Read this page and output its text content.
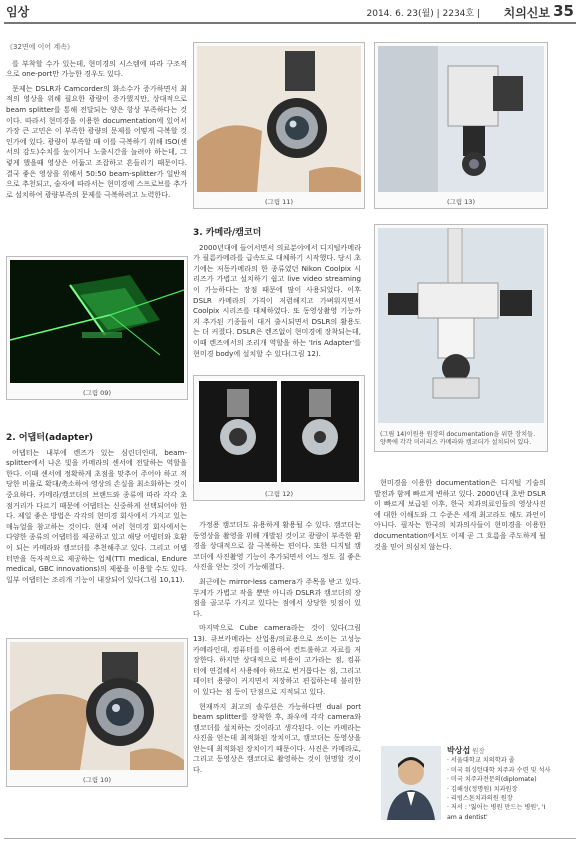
임상	2014. 6. 23(월) | 2234호 | 치의신보 35
《32면에 이어 계속》

를 부착할 수가 있는데, 현미경의 시스템에 따라 구조적으로 one-port만 가능한 경우도 있다.

문제는 DSLR과 Camcorder의 화소수가 증가하면서 최적의 영상을 위해 필요한 광량이 증가했지만, 상대적으로 beam splitter를 통해 전달되는 양은 항상 부족하다는 것이다. 따라서 현미경을 이용한 documentation에 있어서 가장 큰 고민은 이 부족한 광량의 문제를 어떻게 극복할 것인가에 있다. 광량이 부족할 때 이를 극복하기 위해 ISO(센서의 감도)수치를 높이거나 노출시간을 늘려야 하는데, 그렇게 했을때 영상은 어둡고 조잡하고 흔들리기 때문이다. 결국 좋은 영상을 위해서 50:50 beam-splitter가 일반적으로 추천되고, 술자에 따라서는 현미경에 스프로브를 추가로 설치하여 광량부족의 문제를 극복하려고 노력한다.

(그림 09)
2. 어댑터(adapter)

어댑터는 내부에 렌즈가 있는 심린더인데, beam-splitter에서 나온 빛을 카메라의 센서에 전달하는 역할을 한다. 이때 센서에 정확하게 초점을 맞추어 주어야 하고 적당한 비율로 확대/축소하여 영상의 손실을 최소화하는 것이 중요하다. 카메라/캠코더의 브랜드와 종류에 따라 각각 초점거리가 다르기 때문에 어댑터는 신중하게 선택되어야 한다. 제일 좋은 방법은 각각의 현미경 회사에서 가지고 있는 매뉴얼을 참고하는 것이다. 현재 여러 현미경 회사에서는 다양한 종류의 어댑터를 제공하고 있고 해당 어댑터와 호환이 되는 카메라와 캠코더를 추천해주고 있다. 그리고 어댑터만을 독자적으로 제공하는 업체(TTI medical, Endure medical, GBC innovations)의 제품을 이용할 수도 있다. 일부 어댑터는 조리개 기능이 내장되어 있다(그림 10,11).

(그림 10)
(그림 11)
3. 카메라/캠코더

2000년대에 들어서면서 의료분야에서 디지털카메라가 필름카메라를 급속도로 대체하기 시작했다. 당시 초기에는 저동카메라의 한 종류였던 Nikon Coolpix 시리즈가 가볍고 설치하기 쉽고 live video streaming이 가능하다는 장점 때문에 많이 사용되었다. 이후 DSLR 카메라의 가격이 저렴해지고 가벼워지면서 Coolpix 시리즈를 대체하였다. 또 동영상촬영 기능까지 추가된 기종들이 대거 출시되면서 DSLR의 활용도는 더 커졌다. DSLR은 렌즈없이 현미경에 장착되는데, 이때 렌즈에서의 조리개 역할을 하는 'Iris Adapter'를 현미경 body에 설치할 수 있다(그림 12).

(그림 12)

가정용 캠코더도 유용하게 활용될 수 있다. 캠코더는 동영상을 촬영을 위해 개발된 것이고 광량이 부족한 환경을 상대적으로 잘 극복하는 편이다. 또한 디지털 캠코더에 사진촬영 기능이 추가되면서 어느 정도 질 좋은 사진을 얻는 것이 가능해졌다.

최근에는 mirror-less camera가 주목을 받고 있다. 무게가 가볍고 작을 뿐만 아니라 DSLR과 캠코더의 장점을 골고루 가지고 있다는 점에서 상당한 잇점이 있다.

마지막으로 Cube camera라는 것이 있다(그림 13). 큐브카메라는 산업용/의료용으로 쓰이는 고성능 카메라인데, 컴퓨터를 이용하여 컨트롤하고 자료를 저장한다. 하지만 상대적으로 비용이 고가라는 점, 컴퓨터에 연결해서 사용해야 하므로 번거롭다는 점, 그리고 데이터 용량이 커지면서 저장하고 편집하는데 불리한이 있다는 점 등이 단점으로 지적되고 있다.

현재까지 최고의 솔루션은 가능하다면 dual port beam splitter를 장착한 후, 좌우에 각각 camera와 캠코더를 설치하는 것이라고 생각된다. 이는 카메라는 사진을 얻는데 최적화된 장치이고, 캠코더는 동영상을 얻는데 최적화된 장치이기 때문이다. 사진은 카메라로, 그리고 동영상은 캠코더로 촬영하는 것이 현명할 것이다.

(그림 13)
(그림 14)이원용 원장의 documentation을 위한 장치들. 양쪽에 각각 미러리스 카메라와 캠코더가 설치되어 있다.

현미경을 이용한 documentation은 디지털 기술의 발전과 함께 빠르게 변하고 있다. 2000년대 초반 DSLR이 빠르게 보급된 이후, 한국 치과의료인들의 영상사진에 대한 이해도와 그 수준은 세계 최고라도 해도 과언이 아니다. 필자는 한국의 치과의사들이 현미경을 이용한 documentation에서도 이제 곧 그 흐름을 주도하게 될 것을 믿어 의심치 않는다.

박상섭 원장
· 서울대학교 치의학과 졸
· 미국 워싱턴대학 치주과 수련 및 석사
· 미국 치주과전문의(diplomate)
· 김해성(정명원) 치과원장
· 리빙스톤치과의원 원장
· 저서 : '잃어는 병원 만드는 병원', 'I am a dentist'
